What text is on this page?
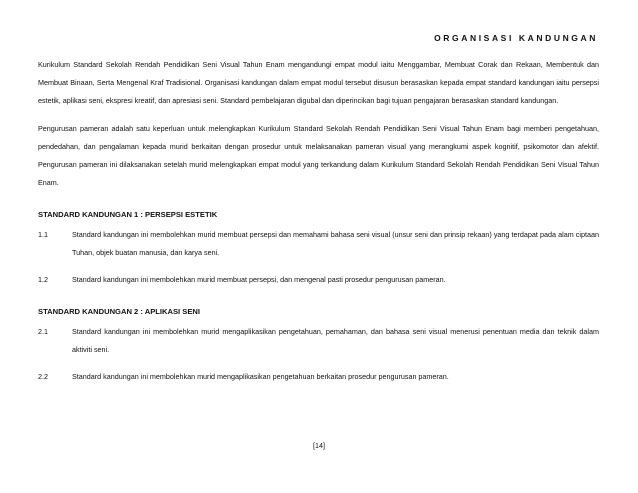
ORGANISASI KANDUNGAN

Kurikulum Standard Sekolah Rendah Pendidikan Seni Visual Tahun Enam mengandungi empat modul iaitu Menggambar, Membuat Corak dan Rekaan, Membentuk dan Membuat Binaan, Serta Mengenal Kraf Tradisional. Organisasi kandungan dalam empat modul tersebut disusun berasaskan kepada empat standard kandungan iaitu persepsi estetik, aplikasi seni, ekspresi kreatif, dan apresiasi seni. Standard pembelajaran digubal dan diperincikan bagi tujuan pengajaran berasaskan standard kandungan.

Pengurusan pameran adalah satu keperluan untuk melengkapkan Kurikulum Standard Sekolah Rendah Pendidikan Seni Visual Tahun Enam bagi memberi pengetahuan, pendedahan, dan pengalaman kepada murid berkaitan dengan prosedur untuk melaksanakan pameran visual yang merangkumi aspek kognitif, psikomotor dan afektif. Pengurusan pameran ini dilaksanakan setelah murid melengkapkan empat modul yang terkandung dalam Kurikulum Standard Sekolah Rendah Pendidikan Seni Visual Tahun Enam.

STANDARD KANDUNGAN 1 : PERSEPSI ESTETIK
1.1	Standard kandungan ini membolehkan murid membuat persepsi dan memahami bahasa seni visual (unsur seni dan prinsip rekaan) yang terdapat pada alam ciptaan Tuhan, objek buatan manusia, dan karya seni.
1.2	Standard kandungan ini membolehkan murid membuat persepsi, dan mengenal pasti prosedur pengurusan pameran.
STANDARD KANDUNGAN 2 : APLIKASI SENI
2.1	Standard kandungan ini membolehkan murid mengaplikasikan pengetahuan, pemahaman, dan bahasa seni visual menerusi penentuan media dan teknik dalam aktiviti seni.
2.2	Standard kandungan ini membolehkan murid mengaplikasikan pengetahuan berkaitan prosedur pengurusan pameran.
[14]
